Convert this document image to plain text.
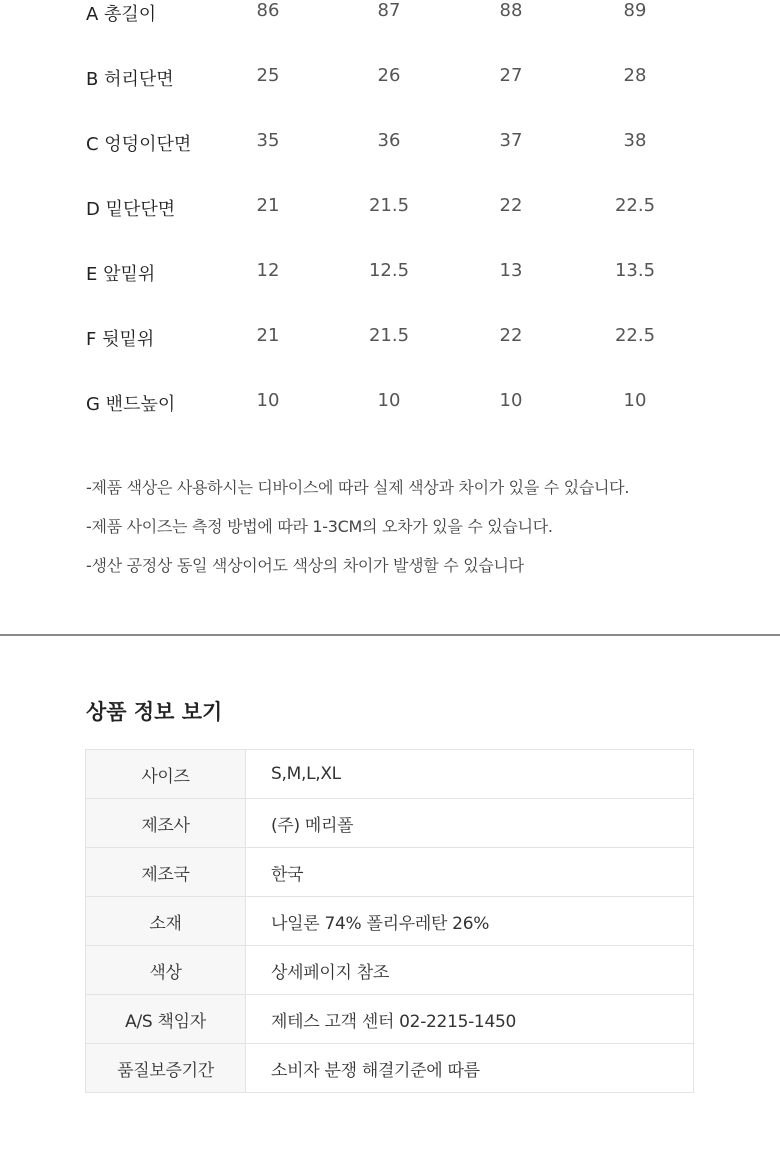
A 총길이	86	87	88	89
B 허리단면	25	26	27	28
C 엉덩이단면	35	36	37	38
D 밑단단면	21	21.5	22	22.5
E 앞밑위	12	12.5	13	13.5
F 뒷밑위	21	21.5	22	22.5
G 밴드높이	10	10	10	10
-제품 색상은 사용하시는 디바이스에 따라 실제 색상과 차이가 있을 수 있습니다.
-제품 사이즈는 측정 방법에 따라 1-3CM의 오차가 있을 수 있습니다.
-생산 공정상 동일 색상이어도 색상의 차이가 발생할 수 있습니다
상품 정보 보기
사이즈	S,M,L,XL
제조사	(주) 메리폴
제조국	한국
소재	나일론 74% 폴리우레탄 26%
색상	상세페이지 참조
A/S 책임자	제테스 고객 센터 02-2215-1450
품질보증기간	소비자 분쟁 해결기준에 따름
